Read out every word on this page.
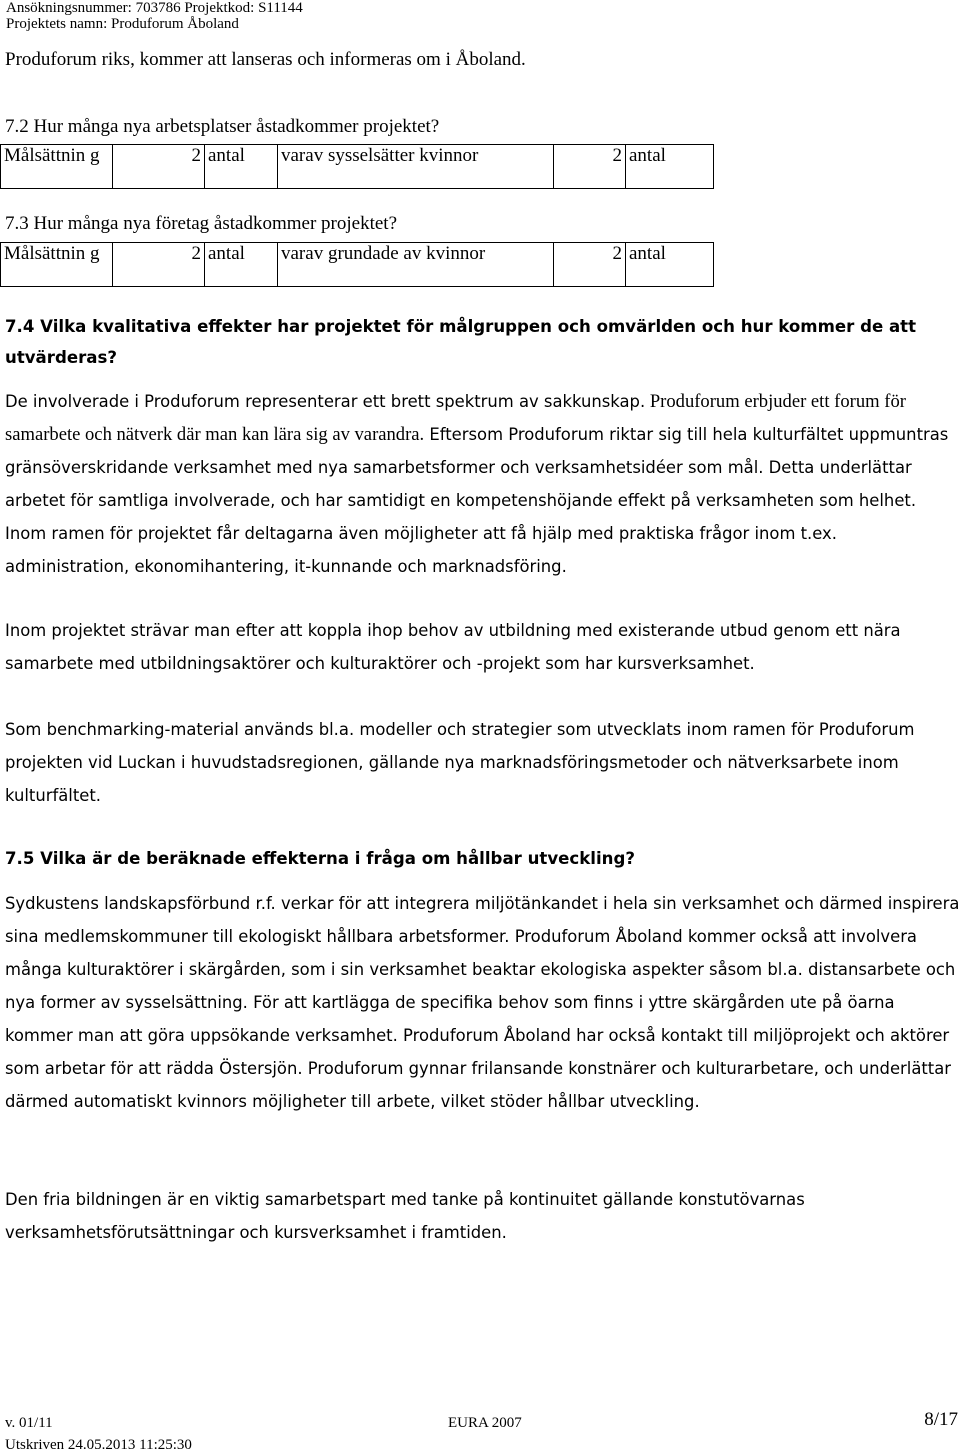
Ansökningsnummer: 703786 Projektkod: S11144
Projektets namn: Produforum Åboland

Produforum riks, kommer att lanseras och informeras om i Åboland.

7.2 Hur många nya arbetsplatser åstadkommer projektet?

Målsättnin g	2	antal	varav sysselsätter kvinnor	2	antal

7.3 Hur många nya företag åstadkommer projektet?

Målsättnin g	2	antal	varav grundade av kvinnor	2	antal

7.4 Vilka kvalitativa effekter har projektet för målgruppen och omvärlden och hur kommer de att

utvärderas?

De involverade i Produforum representerar ett brett spektrum av sakkunskap. Produforum erbjuder ett forum för samarbete och nätverk där man kan lära sig av varandra. Eftersom Produforum riktar sig till hela kulturfältet uppmuntras gränsöverskridande verksamhet med nya samarbetsformer och verksamhetsidéer som mål. Detta underlättar arbetet för samtliga involverade, och har samtidigt en kompetenshöjande effekt på verksamheten som helhet. Inom ramen för projektet får deltagarna även möjligheter att få hjälp med praktiska frågor inom t.ex. administration, ekonomihantering, it-kunnande och marknadsföring.

Inom projektet strävar man efter att koppla ihop behov av utbildning med existerande utbud genom ett nära samarbete med utbildningsaktörer och kulturaktörer och -projekt som har kursverksamhet.

Som benchmarking-material används bl.a. modeller och strategier som utvecklats inom ramen för Produforum projekten vid Luckan i huvudstadsregionen, gällande nya marknadsföringsmetoder och nätverksarbete inom kulturfältet.

7.5 Vilka är de beräknade effekterna i fråga om hållbar utveckling?

Sydkustens landskapsförbund r.f. verkar för att integrera miljötänkandet i hela sin verksamhet och därmed inspirera sina medlemskommuner till ekologiskt hållbara arbetsformer. Produforum Åboland kommer också att involvera många kulturaktörer i skärgården, som i sin verksamhet beaktar ekologiska aspekter såsom bl.a. distansarbete och nya former av sysselsättning. För att kartlägga de specifika behov som finns i yttre skärgården ute på öarna kommer man att göra uppsökande verksamhet. Produforum Åboland har också kontakt till miljöprojekt och aktörer som arbetar för att rädda Östersjön. Produforum gynnar frilansande konstnärer och kulturarbetare, och underlättar därmed automatiskt kvinnors möjligheter till arbete, vilket stöder hållbar utveckling.

Den fria bildningen är en viktig samarbetspart med tanke på kontinuitet gällande konstutövarnas verksamhetsförutsättningar och kursverksamhet i framtiden.

v. 01/11
Utskriven 24.05.2013 11:25:30
EURA 2007	8/17
